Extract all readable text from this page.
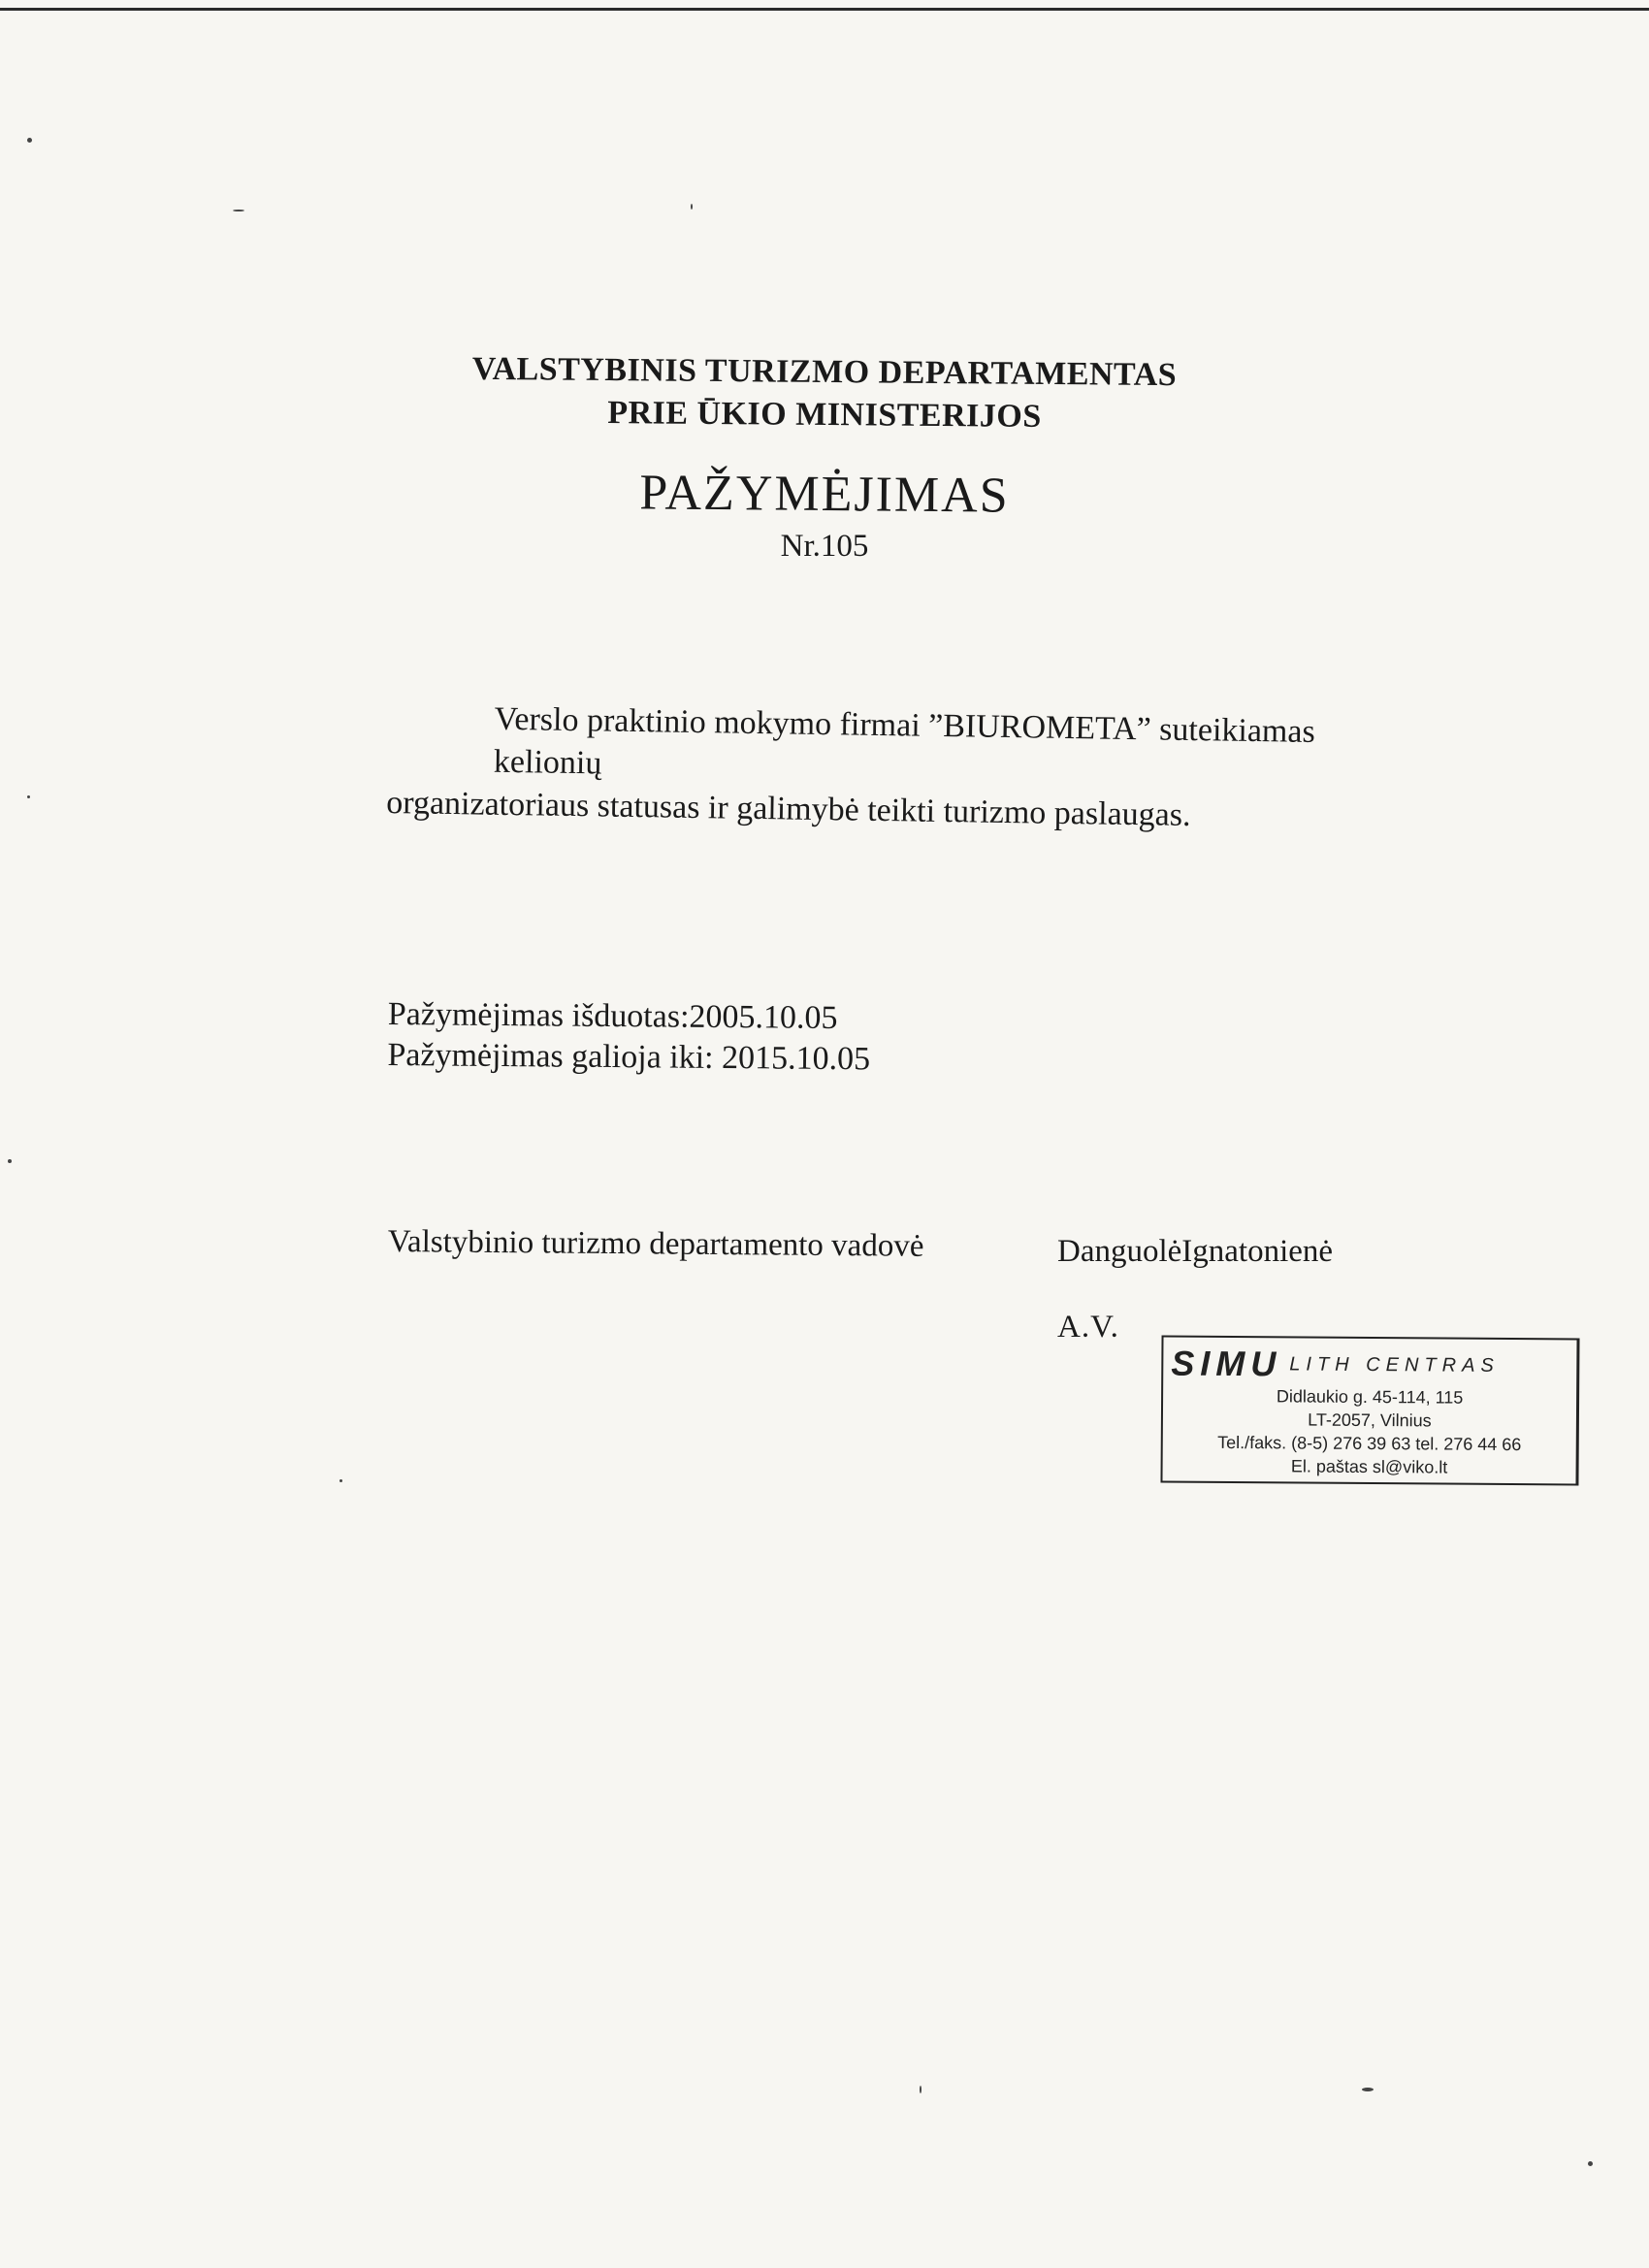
VALSTYBINIS TURIZMO DEPARTAMENTAS
PRIE ŪKIO MINISTERIJOS
PAŽYMĖJIMAS
Nr.105
Verslo praktinio mokymo firmai ”BIUROMETA” suteikiamas kelionių
organizatoriaus statusas ir galimybė teikti turizmo paslaugas.
Pažymėjimas išduotas:2005.10.05
Pažymėjimas galioja iki: 2015.10.05
Valstybinio turizmo departamento vadovė	DanguolėIgnatonienė
A.V.
SIMU LITH CENTRAS
Didlaukio g. 45-114, 115
LT-2057, Vilnius
Tel./faks. (8-5) 276 39 63 tel. 276 44 66
El. paštas sl@viko.lt
